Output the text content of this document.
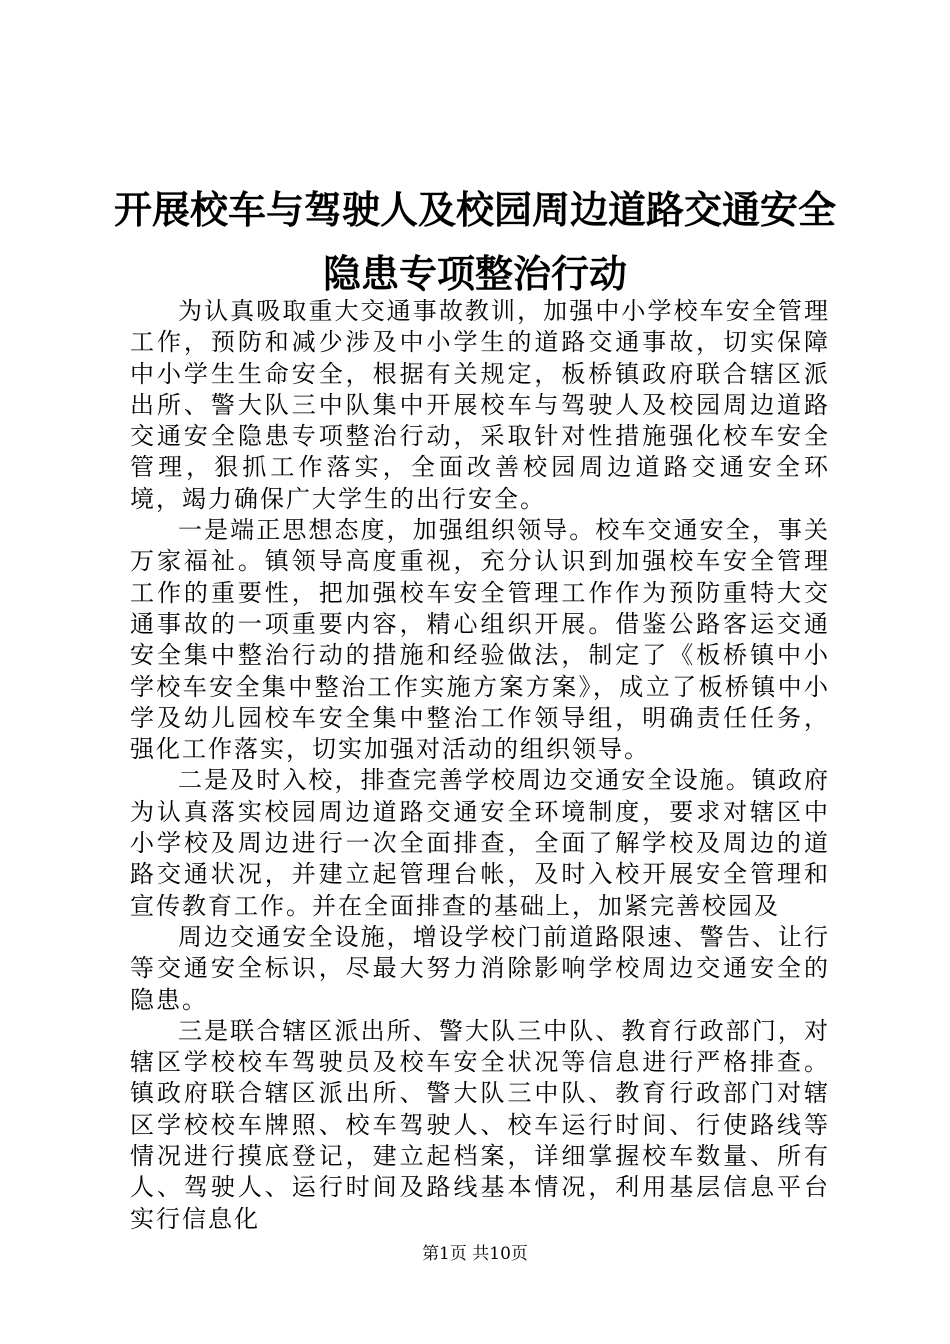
开展校车与驾驶人及校园周边道路交通安全隐患专项整治行动

为认真吸取重大交通事故教训，加强中小学校车安全管理工作，预防和减少涉及中小学生的道路交通事故，切实保障中小学生生命安全，根据有关规定，板桥镇政府联合辖区派出所、警大队三中队集中开展校车与驾驶人及校园周边道路交通安全隐患专项整治行动，采取针对性措施强化校车安全管理，狠抓工作落实，全面改善校园周边道路交通安全环境，竭力确保广大学生的出行安全。

一是端正思想态度，加强组织领导。校车交通安全，事关万家福祉。镇领导高度重视，充分认识到加强校车安全管理工作的重要性，把加强校车安全管理工作作为预防重特大交通事故的一项重要内容，精心组织开展。借鉴公路客运交通安全集中整治行动的措施和经验做法，制定了《板桥镇中小学校车安全集中整治工作实施方案方案》，成立了板桥镇中小学及幼儿园校车安全集中整治工作领导组，明确责任任务，强化工作落实，切实加强对活动的组织领导。

二是及时入校，排查完善学校周边交通安全设施。镇政府为认真落实校园周边道路交通安全环境制度，要求对辖区中小学校及周边进行一次全面排查，全面了解学校及周边的道路交通状况，并建立起管理台帐，及时入校开展安全管理和宣传教育工作。并在全面排查的基础上，加紧完善校园及

周边交通安全设施，增设学校门前道路限速、警告、让行等交通安全标识，尽最大努力消除影响学校周边交通安全的隐患。

三是联合辖区派出所、警大队三中队、教育行政部门，对辖区学校校车驾驶员及校车安全状况等信息进行严格排查。镇政府联合辖区派出所、警大队三中队、教育行政部门对辖区学校校车牌照、校车驾驶人、校车运行时间、行使路线等情况进行摸底登记，建立起档案，详细掌握校车数量、所有人、驾驶人、运行时间及路线基本情况，利用基层信息平台实行信息化

第1页 共10页
